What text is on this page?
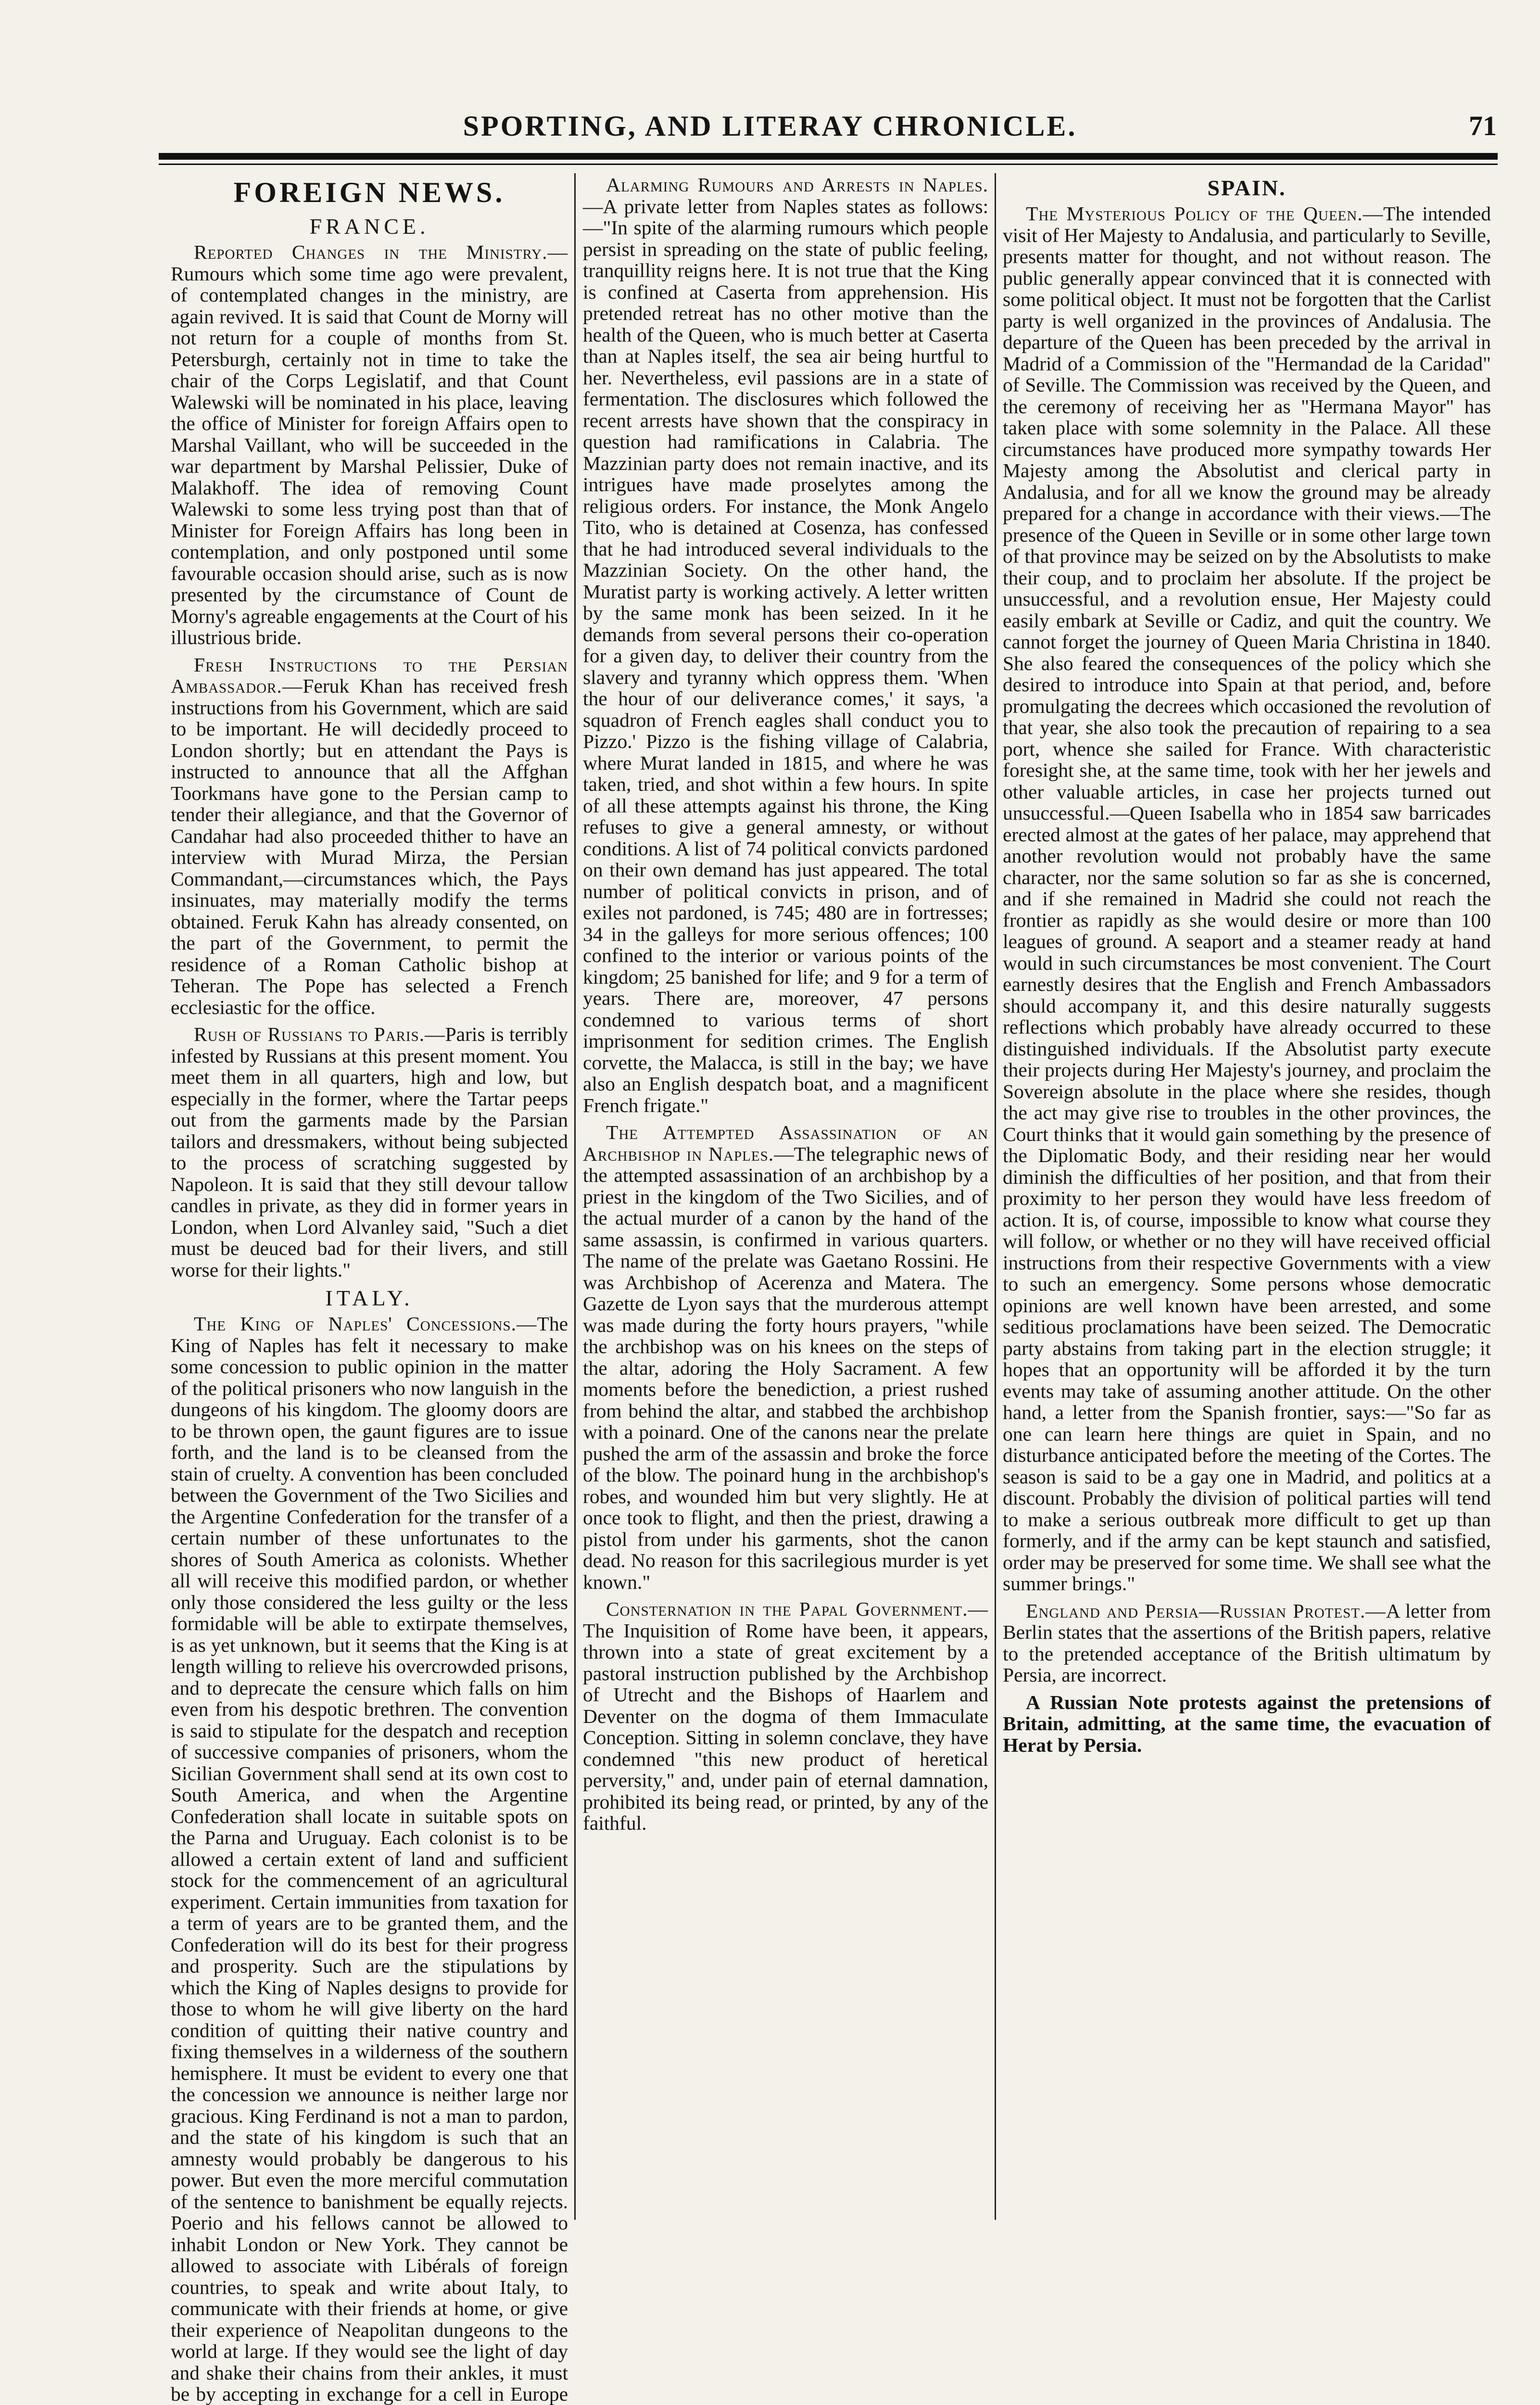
SPORTING, AND LITERAY CHRONICLE.	71
FOREIGN NEWS.
FRANCE.

Reported Changes in the Ministry.—Rumours which some time ago were prevalent, of contemplated changes in the ministry, are again revived. It is said that Count de Morny will not return for a couple of months from St. Petersburgh, certainly not in time to take the chair of the Corps Legislatif, and that Count Walewski will be nominated in his place, leaving the office of Minister for foreign Affairs open to Marshal Vaillant, who will be succeeded in the war department by Marshal Pelissier, Duke of Malakhoff. The idea of removing Count Walewski to some less trying post than that of Minister for Foreign Affairs has long been in contemplation, and only postponed until some favourable occasion should arise, such as is now presented by the circumstance of Count de Morny's agreable engagements at the Court of his illustrious bride.

Fresh Instructions to the Persian Ambassador.—Feruk Khan has received fresh instructions from his Government, which are said to be important. He will decidedly proceed to London shortly; but en attendant the Pays is instructed to announce that all the Affghan Toorkmans have gone to the Persian camp to tender their allegiance, and that the Governor of Candahar had also proceeded thither to have an interview with Murad Mirza, the Persian Commandant,—circumstances which, the Pays insinuates, may materially modify the terms obtained. Feruk Kahn has already consented, on the part of the Government, to permit the residence of a Roman Catholic bishop at Teheran. The Pope has selected a French ecclesiastic for the office.

Rush of Russians to Paris.—Paris is terribly infested by Russians at this present moment. You meet them in all quarters, high and low, but especially in the former, where the Tartar peeps out from the garments made by the Parsian tailors and dressmakers, without being subjected to the process of scratching suggested by Napoleon. It is said that they still devour tallow candles in private, as they did in former years in London, when Lord Alvanley said, "Such a diet must be deuced bad for their livers, and still worse for their lights."

ITALY.

The King of Naples' Concessions.—The King of Naples has felt it necessary to make some concession to public opinion in the matter of the political prisoners who now languish in the dungeons of his kingdom. The gloomy doors are to be thrown open, the gaunt figures are to issue forth, and the land is to be cleansed from the stain of cruelty. A convention has been concluded between the Government of the Two Sicilies and the Argentine Confederation for the transfer of a certain number of these unfortunates to the shores of South America as colonists. Whether all will receive this modified pardon, or whether only those considered the less guilty or the less formidable will be able to extirpate themselves, is as yet unknown, but it seems that the King is at length willing to relieve his overcrowded prisons, and to deprecate the censure which falls on him even from his despotic brethren. The convention is said to stipulate for the despatch and reception of successive companies of prisoners, whom the Sicilian Government shall send at its own cost to South America, and when the Argentine Confederation shall locate in suitable spots on the Parna and Uruguay. Each colonist is to be allowed a certain extent of land and sufficient stock for the commencement of an agricultural experiment. Certain immunities from taxation for a term of years are to be granted them, and the Confederation will do its best for their progress and prosperity. Such are the stipulations by which the King of Naples designs to provide for those to whom he will give liberty on the hard condition of quitting their native country and fixing themselves in a wilderness of the southern hemisphere. It must be evident to every one that the concession we announce is neither large nor gracious. King Ferdinand is not a man to pardon, and the state of his kingdom is such that an amnesty would probably be dangerous to his power. But even the more merciful commutation of the sentence to banishment be equally rejects. Poerio and his fellows cannot be allowed to inhabit London or New York. They cannot be allowed to associate with Libérals of foreign countries, to speak and write about Italy, to communicate with their friends at home, or give their experience of Neapolitan dungeons to the world at large. If they would see the light of day and shake their chains from their ankles, it must be by accepting in exchange for a cell in Europe

Alarming Rumours and Arrests in Naples.—A private letter from Naples states as follows:—"In spite of the alarming rumours which people persist in spreading on the state of public feeling, tranquillity reigns here. It is not true that the King is confined at Caserta from apprehension. His pretended retreat has no other motive than the health of the Queen, who is much better at Caserta than at Naples itself, the sea air being hurtful to her. Nevertheless, evil passions are in a state of fermentation. The disclosures which followed the recent arrests have shown that the conspiracy in question had ramifications in Calabria. The Mazzinian party does not remain inactive, and its intrigues have made proselytes among the religious orders. For instance, the Monk Angelo Tito, who is detained at Cosenza, has confessed that he had introduced several individuals to the Mazzinian Society. On the other hand, the Muratist party is working actively. A letter written by the same monk has been seized. In it he demands from several persons their co-operation for a given day, to deliver their country from the slavery and tyranny which oppress them. 'When the hour of our deliverance comes,' it says, 'a squadron of French eagles shall conduct you to Pizzo.' Pizzo is the fishing village of Calabria, where Murat landed in 1815, and where he was taken, tried, and shot within a few hours. In spite of all these attempts against his throne, the King refuses to give a general amnesty, or without conditions. A list of 74 political convicts pardoned on their own demand has just appeared. The total number of political convicts in prison, and of exiles not pardoned, is 745; 480 are in fortresses; 34 in the galleys for more serious offences; 100 confined to the interior or various points of the kingdom; 25 banished for life; and 9 for a term of years. There are, moreover, 47 persons condemned to various terms of short imprisonment for sedition crimes. The English corvette, the Malacca, is still in the bay; we have also an English despatch boat, and a magnificent French frigate."

The Attempted Assassination of an Archbishop in Naples.—The telegraphic news of the attempted assassination of an archbishop by a priest in the kingdom of the Two Sicilies, and of the actual murder of a canon by the hand of the same assassin, is confirmed in various quarters. The name of the prelate was Gaetano Rossini. He was Archbishop of Acerenza and Matera. The Gazette de Lyon says that the murderous attempt was made during the forty hours prayers, "while the archbishop was on his knees on the steps of the altar, adoring the Holy Sacrament. A few moments before the benediction, a priest rushed from behind the altar, and stabbed the archbishop with a poinard. One of the canons near the prelate pushed the arm of the assassin and broke the force of the blow. The poinard hung in the archbishop's robes, and wounded him but very slightly. He at once took to flight, and then the priest, drawing a pistol from under his garments, shot the canon dead. No reason for this sacrilegious murder is yet known."

Consternation in the Papal Government.—The Inquisition of Rome have been, it appears, thrown into a state of great excitement by a pastoral instruction published by the Archbishop of Utrecht and the Bishops of Haarlem and Deventer on the dogma of them Immaculate Conception. Sitting in solemn conclave, they have condemned "this new product of heretical perversity," and, under pain of eternal damnation, prohibited its being read, or printed, by any of the faithful.

SPAIN.

The Mysterious Policy of the Queen.—The intended visit of Her Majesty to Andalusia, and particularly to Seville, presents matter for thought, and not without reason. The public generally appear convinced that it is connected with some political object. It must not be forgotten that the Carlist party is well organized in the provinces of Andalusia. The departure of the Queen has been preceded by the arrival in Madrid of a Commission of the "Hermandad de la Caridad" of Seville. The Commission was received by the Queen, and the ceremony of receiving her as "Hermana Mayor" has taken place with some solemnity in the Palace. All these circumstances have produced more sympathy towards Her Majesty among the Absolutist and clerical party in Andalusia, and for all we know the ground may be already prepared for a change in accordance with their views.—The presence of the Queen in Seville or in some other large town of that province may be seized on by the Absolutists to make their coup, and to proclaim her absolute. If the project be unsuccessful, and a revolution ensue, Her Majesty could easily embark at Seville or Cadiz, and quit the country. We cannot forget the journey of Queen Maria Christina in 1840. She also feared the consequences of the policy which she desired to introduce into Spain at that period, and, before promulgating the decrees which occasioned the revolution of that year, she also took the precaution of repairing to a sea port, whence she sailed for France. With characteristic foresight she, at the same time, took with her her jewels and other valuable articles, in case her projects turned out unsuccessful.—Queen Isabella who in 1854 saw barricades erected almost at the gates of her palace, may apprehend that another revolution would not probably have the same character, nor the same solution so far as she is concerned, and if she remained in Madrid she could not reach the frontier as rapidly as she would desire or more than 100 leagues of ground. A seaport and a steamer ready at hand would in such circumstances be most convenient. The Court earnestly desires that the English and French Ambassadors should accompany it, and this desire naturally suggests reflections which probably have already occurred to these distinguished individuals. If the Absolutist party execute their projects during Her Majesty's journey, and proclaim the Sovereign absolute in the place where she resides, though the act may give rise to troubles in the other provinces, the Court thinks that it would gain something by the presence of the Diplomatic Body, and their residing near her would diminish the difficulties of her position, and that from their proximity to her person they would have less freedom of action. It is, of course, impossible to know what course they will follow, or whether or no they will have received official instructions from their respective Governments with a view to such an emergency. Some persons whose democratic opinions are well known have been arrested, and some seditious proclamations have been seized. The Democratic party abstains from taking part in the election struggle; it hopes that an opportunity will be afforded it by the turn events may take of assuming another attitude. On the other hand, a letter from the Spanish frontier, says:—"So far as one can learn here things are quiet in Spain, and no disturbance anticipated before the meeting of the Cortes. The season is said to be a gay one in Madrid, and politics at a discount. Probably the division of political parties will tend to make a serious outbreak more difficult to get up than formerly, and if the army can be kept staunch and satisfied, order may be preserved for some time. We shall see what the summer brings."

England and Persia—Russian Protest.—A letter from Berlin states that the assertions of the British papers, relative to the pretended acceptance of the British ultimatum by Persia, are incorrect.

A Russian Note protests against the pretensions of Britain, admitting, at the same time, the evacuation of Herat by Persia.
